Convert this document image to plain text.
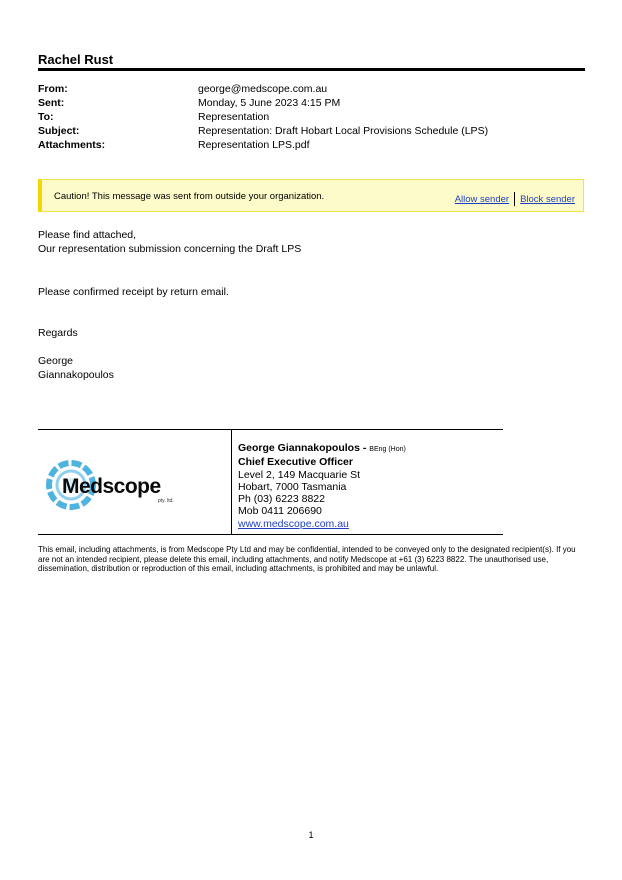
Rachel Rust
From:	george@medscope.com.au
Sent:	Monday, 5 June 2023 4:15 PM
To:	Representation
Subject:	Representation: Draft Hobart Local Provisions Schedule (LPS)
Attachments:	Representation LPS.pdf
Caution! This message was sent from outside your organization.	Allow sender Block sender
Please find attached,
Our representation submission concerning the Draft LPS
Please confirmed receipt by return email.
Regards
George
Giannakopoulos
Medscope
pty. ltd.
George Giannakopoulos - BEng (Hon)
Chief Executive Officer
Level 2, 149 Macquarie St
Hobart, 7000 Tasmania
Ph (03) 6223 8822
Mob 0411 206690
www.medscope.com.au
This email, including attachments, is from Medscope Pty Ltd and may be confidential, intended to be conveyed only to the designated recipient(s). If you are not an intended recipient, please delete this email, including attachments, and notify Medscope at +61 (3) 6223 8822. The unauthorised use, dissemination, distribution or reproduction of this email, including attachments, is prohibited and may be unlawful.
1
